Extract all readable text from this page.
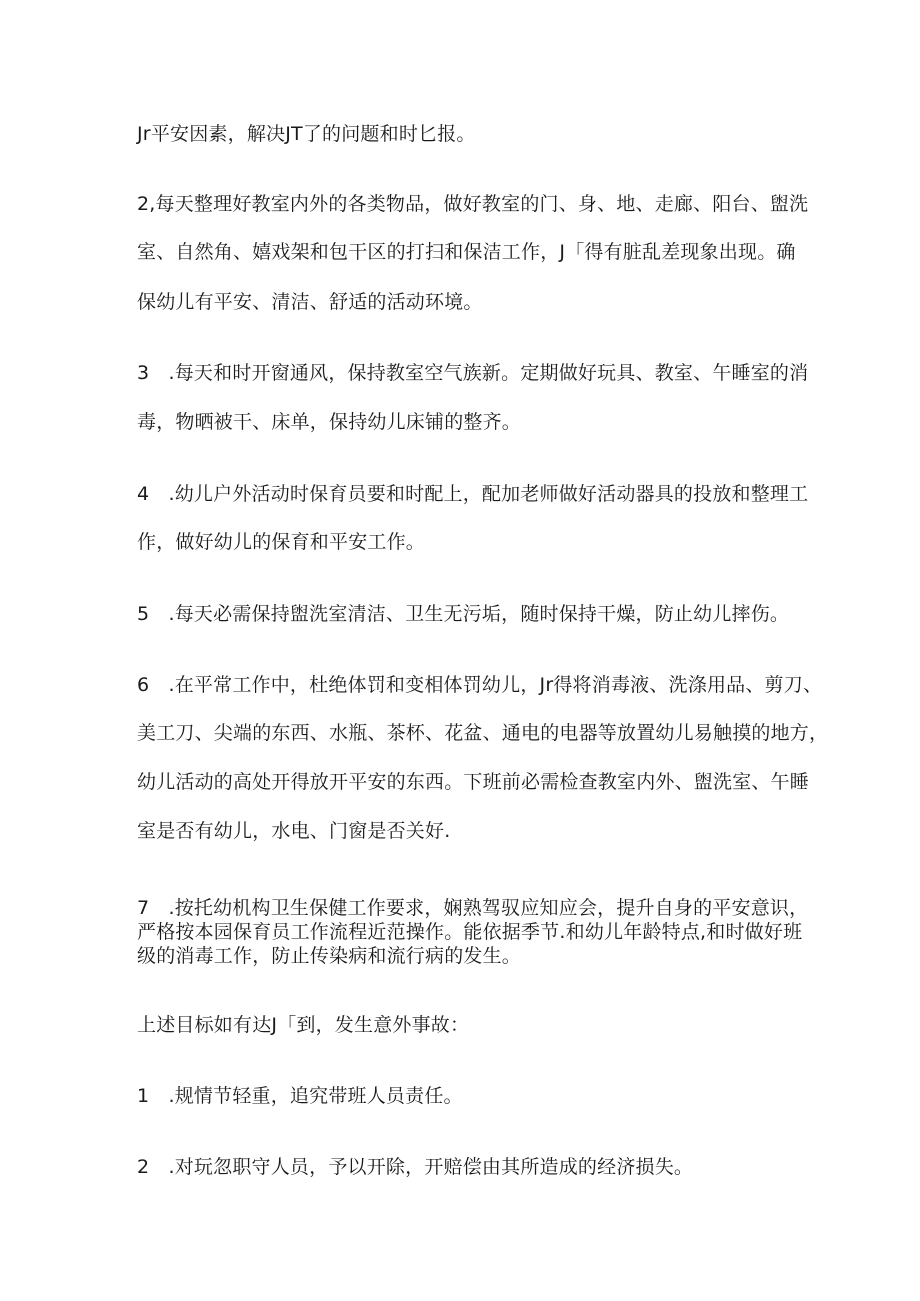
Jr平安因素，解决JT了的问题和时匕报。
2,每天整理好教室内外的各类物品，做好教室的门、身、地、走廊、阳台、盥洗
室、自然角、嬉戏架和包干区的打扫和保洁工作，J「得有脏乱差现象出现。确
保幼儿有平安、清洁、舒适的活动环境。
3　.每天和时开窗通风，保持教室空气族新。定期做好玩具、教室、午睡室的消
毒，物晒被干、床单，保持幼儿床铺的整齐。
4　.幼儿户外活动时保育员要和时配上，配加老师做好活动器具的投放和整理工
作，做好幼儿的保育和平安工作。
5　.每天必需保持盥洗室清洁、卫生无污垢，随时保持干燥，防止幼儿摔伤。
6　.在平常工作中，杜绝体罚和变相体罚幼儿，Jr得将消毒液、洗涤用品、剪刀、
美工刀、尖端的东西、水瓶、茶杯、花盆、通电的电器等放置幼儿易触摸的地方，
幼儿活动的高处开得放开平安的东西。下班前必需检查教室内外、盥洗室、午睡
室是否有幼儿，水电、门窗是否关好.
7　.按托幼机构卫生保健工作要求，娴熟驾驭应知应会，提升自身的平安意识，
严格按本园保育员工作流程近范操作。能依据季节.和幼儿年龄特点,和时做好班
级的消毒工作，防止传染病和流行病的发生。
上述目标如有达J「到，发生意外事故：
1　.规情节轻重，追究带班人员责任。
2　.对玩忽职守人员，予以开除，开赔偿由其所造成的经济损失。
